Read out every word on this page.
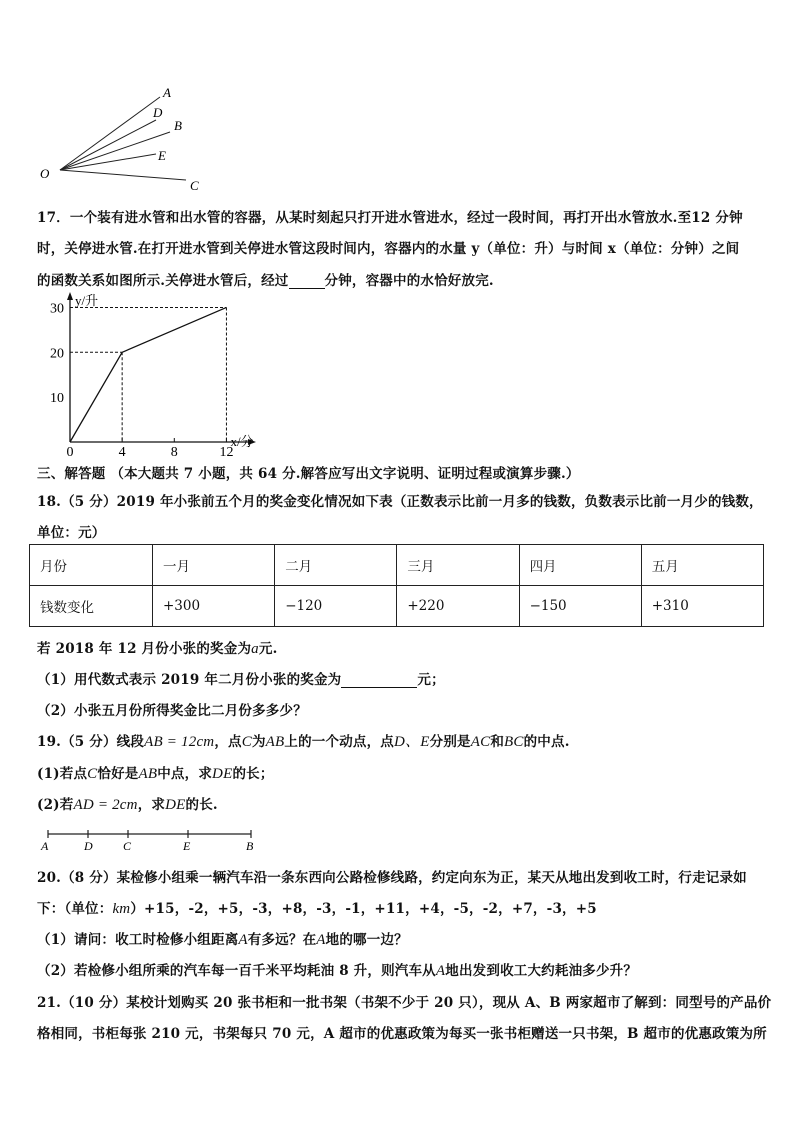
O
A
D
B
E
C
17．一个装有进水管和出水管的容器，从某时刻起只打开进水管进水，经过一段时间，再打开出水管放水.至12 分钟
时，关停进水管.在打开进水管到关停进水管这段时间内，容器内的水量 y（单位：升）与时间 x（单位：分钟）之间
的函数关系如图所示.关停进水管后，经过	分钟，容器中的水恰好放完.
y/升
x/分
0	4	8	12
10
20
30
三、解答题 （本大题共 7 小题，共 64 分.解答应写出文字说明、证明过程或演算步骤.）
18.（5 分）2019 年小张前五个月的奖金变化情况如下表（正数表示比前一月多的钱数，负数表示比前一月少的钱数，
单位：元）
月份	一月	二月	三月	四月	五月
钱数变化	+300	−120	+220	−150	+310
若 2018 年 12 月份小张的奖金为a元.
（1）用代数式表示 2019 年二月份小张的奖金为	元；
（2）小张五月份所得奖金比二月份多多少？
19.（5 分）线段AB = 12cm，点C为AB上的一个动点，点D、E分别是AC和BC的中点.
(1)若点C恰好是AB中点，求DE的长；
(2)若AD = 2cm，求DE的长.
A	D	C	E	B
20.（8 分）某检修小组乘一辆汽车沿一条东西向公路检修线路，约定向东为正，某天从地出发到收工时，行走记录如
下：（单位：km）+15，-2，+5，-3，+8，-3，-1，+11，+4，-5，-2，+7，-3，+5
（1）请问：收工时检修小组距离A有多远？在A地的哪一边？
（2）若检修小组所乘的汽车每一百千米平均耗油 8 升，则汽车从A地出发到收工大约耗油多少升？
21.（10 分）某校计划购买 20 张书柜和一批书架（书架不少于 20 只），现从 A、B 两家超市了解到：同型号的产品价
格相同，书柜每张 210 元，书架每只 70 元，A 超市的优惠政策为每买一张书柜赠送一只书架，B 超市的优惠政策为所
